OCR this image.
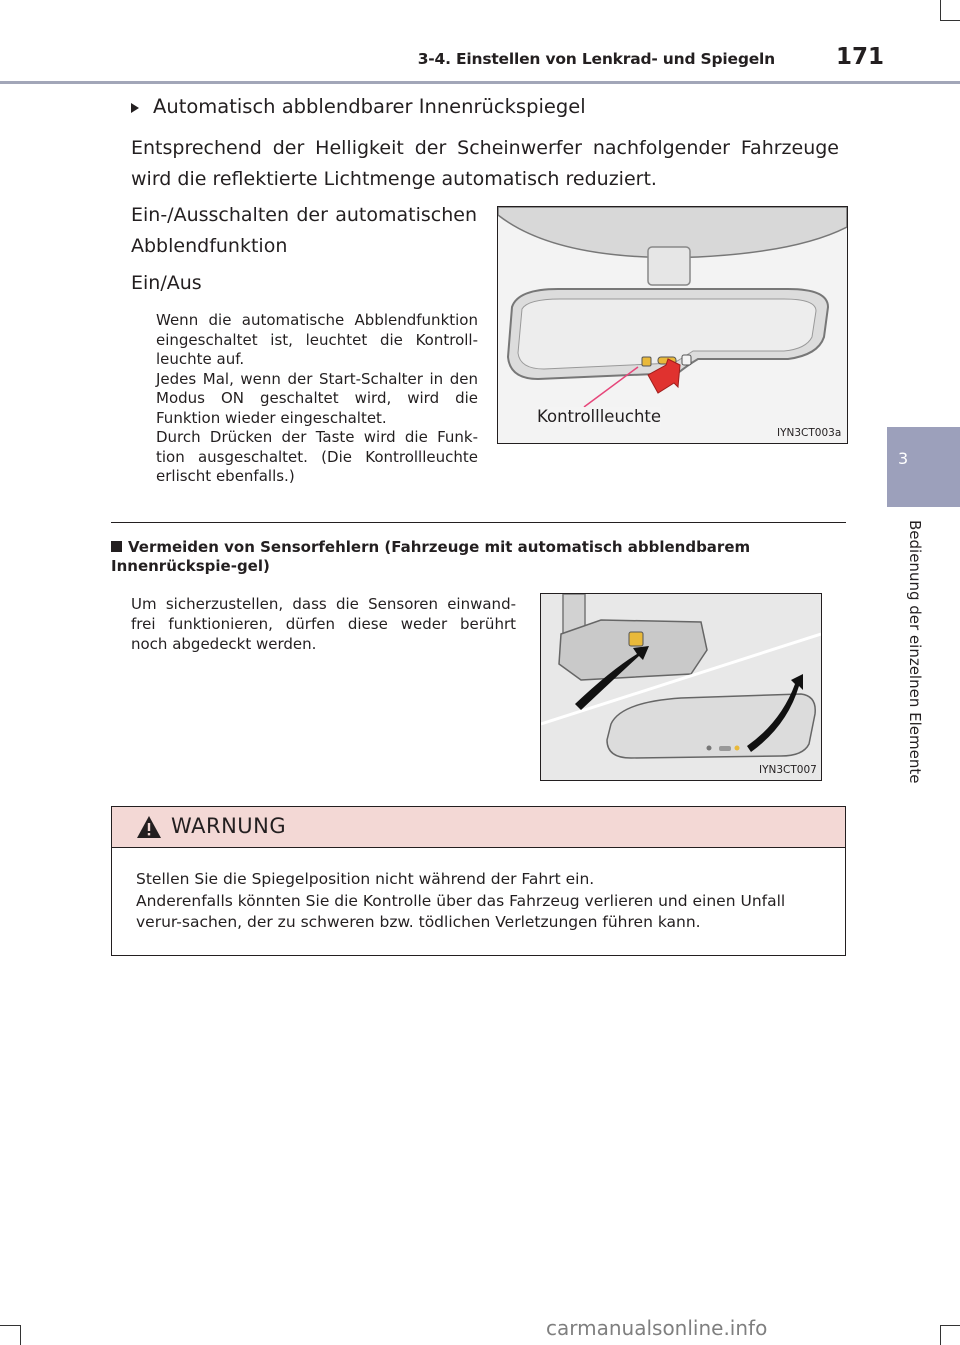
3-4. Einstellen von Lenkrad- und Spiegeln	171
3
Bedienung der einzelnen Elemente
Automatisch abblendbarer Innenrückspiegel
Entsprechend der Helligkeit der Scheinwerfer nachfolgender Fahrzeuge wird die reflektierte Lichtmenge automatisch reduziert.
Ein-/Ausschalten der automatischen Abblendfunktion
Ein/Aus
Wenn die automatische Abblendfunktion eingeschaltet ist, leuchtet die Kontroll-leuchte auf.
Jedes Mal, wenn der Start-Schalter in den Modus ON geschaltet wird, wird die Funktion wieder eingeschaltet.
Durch Drücken der Taste wird die Funk-tion ausgeschaltet. (Die Kontrollleuchte erlischt ebenfalls.)
Kontrollleuchte
IYN3CT003a
Vermeiden von Sensorfehlern (Fahrzeuge mit automatisch abblendbarem Innenrückspie-gel)
Um sicherzustellen, dass die Sensoren einwand-frei funktionieren, dürfen diese weder berührt noch abgedeckt werden.
IYN3CT007
WARNUNG
Stellen Sie die Spiegelposition nicht während der Fahrt ein.
Anderenfalls könnten Sie die Kontrolle über das Fahrzeug verlieren und einen Unfall verur-sachen, der zu schweren bzw. tödlichen Verletzungen führen kann.
carmanualsonline.info
